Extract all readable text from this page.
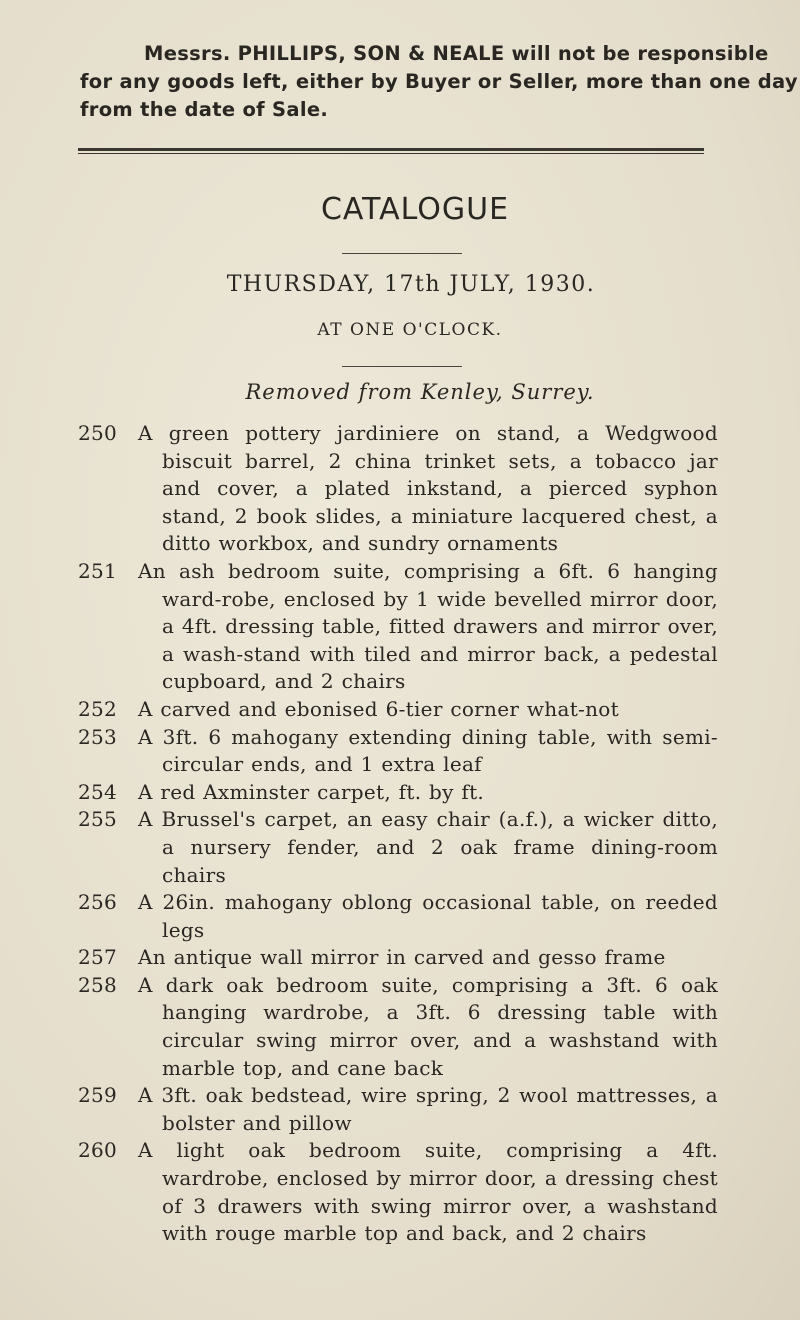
Messrs. PHILLIPS, SON & NEALE will not be responsible
for any goods left, either by Buyer or Seller, more than one day
from the date of Sale.
CATALOGUE
THURSDAY, 17th JULY, 1930.
AT ONE O'CLOCK.
Removed from Kenley, Surrey.
250 A green pottery jardiniere on stand, a Wedgwood biscuit barrel, 2 china trinket sets, a tobacco jar and cover, a plated inkstand, a pierced syphon stand, 2 book slides, a miniature lacquered chest, a ditto workbox, and sundry ornaments
251 An ash bedroom suite, comprising a 6ft. 6 hanging ward-robe, enclosed by 1 wide bevelled mirror door, a 4ft. dressing table, fitted drawers and mirror over, a wash-stand with tiled and mirror back, a pedestal cupboard, and 2 chairs
252 A carved and ebonised 6-tier corner what-not
253 A 3ft. 6 mahogany extending dining table, with semi-circular ends, and 1 extra leaf
254 A red Axminster carpet, ft. by ft.
255 A Brussel's carpet, an easy chair (a.f.), a wicker ditto, a nursery fender, and 2 oak frame dining-room chairs
256 A 26in. mahogany oblong occasional table, on reeded legs
257 An antique wall mirror in carved and gesso frame
258 A dark oak bedroom suite, comprising a 3ft. 6 oak hanging wardrobe, a 3ft. 6 dressing table with circular swing mirror over, and a washstand with marble top, and cane back
259 A 3ft. oak bedstead, wire spring, 2 wool mattresses, a bolster and pillow
260 A light oak bedroom suite, comprising a 4ft. wardrobe, enclosed by mirror door, a dressing chest of 3 drawers with swing mirror over, a washstand with rouge marble top and back, and 2 chairs
